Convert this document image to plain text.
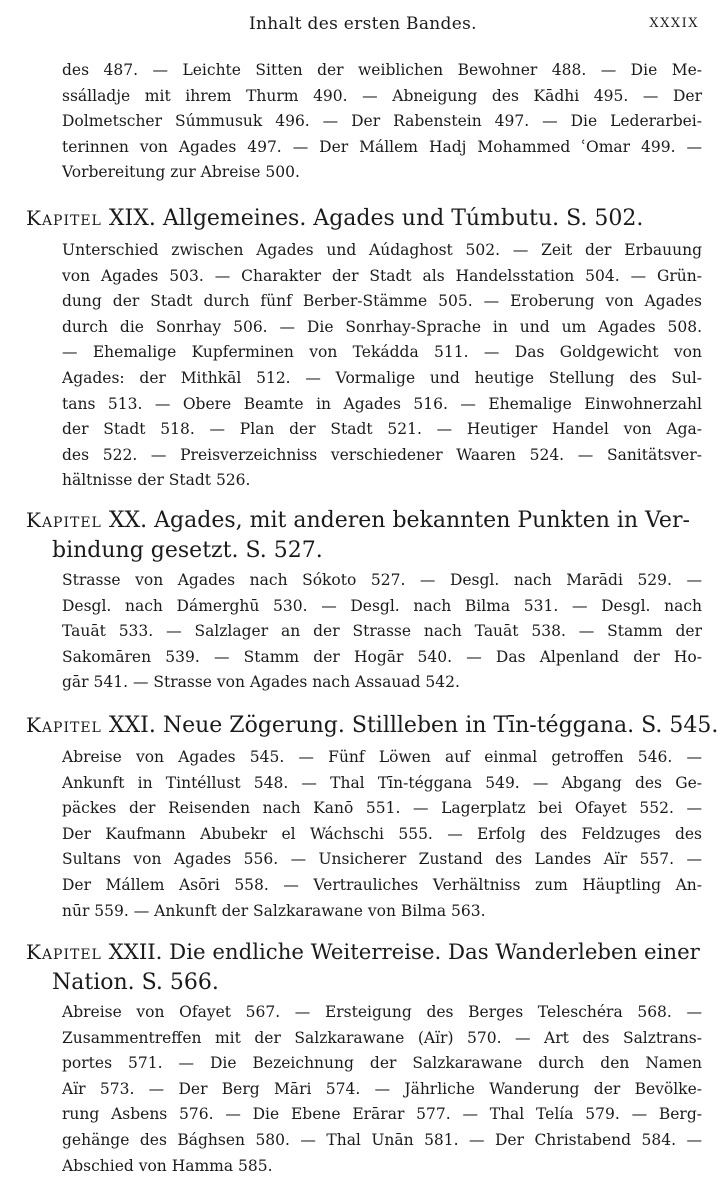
Inhalt des ersten Bandes.	XXXIX
des 487. — Leichte Sitten der weiblichen Bewohner 488. — Die Me-
ssálladje mit ihrem Thurm 490. — Abneigung des Kādhi 495. — Der
Dolmetscher Súmmusuk 496. — Der Rabenstein 497. — Die Lederarbei-
terinnen von Agades 497. — Der Mállem Hadj Mohammed ʿOmar 499. —
Vorbereitung zur Abreise 500.
Kapitel XIX. Allgemeines. Agades und Túmbutu. S. 502.
Unterschied zwischen Agades und Aúdaghost 502. — Zeit der Erbauung
von Agades 503. — Charakter der Stadt als Handelsstation 504. — Grün-
dung der Stadt durch fünf Berber-Stämme 505. — Eroberung von Agades
durch die Sonrhay 506. — Die Sonrhay-Sprache in und um Agades 508.
— Ehemalige Kupferminen von Tekádda 511. — Das Goldgewicht von
Agades: der Mithkāl 512. — Vormalige und heutige Stellung des Sul-
tans 513. — Obere Beamte in Agades 516. — Ehemalige Einwohnerzahl
der Stadt 518. — Plan der Stadt 521. — Heutiger Handel von Aga-
des 522. — Preisverzeichniss verschiedener Waaren 524. — Sanitätsver-
hältnisse der Stadt 526.
Kapitel XX. Agades, mit anderen bekannten Punkten in Ver-
bindung gesetzt. S. 527.
Strasse von Agades nach Sókoto 527. — Desgl. nach Marādi 529. —
Desgl. nach Dámerghū 530. — Desgl. nach Bilma 531. — Desgl. nach
Tauāt 533. — Salzlager an der Strasse nach Tauāt 538. — Stamm der
Sakomāren 539. — Stamm der Hogār 540. — Das Alpenland der Ho-
gār 541. — Strasse von Agades nach Assauad 542.
Kapitel XXI. Neue Zögerung. Stillleben in Tīn-téggana. S. 545.
Abreise von Agades 545. — Fünf Löwen auf einmal getroffen 546. —
Ankunft in Tintéllust 548. — Thal Tīn-téggana 549. — Abgang des Ge-
päckes der Reisenden nach Kanō 551. — Lagerplatz bei Ofayet 552. —
Der Kaufmann Abubekr el Wáchschi 555. — Erfolg des Feldzuges des
Sultans von Agades 556. — Unsicherer Zustand des Landes Aïr 557. —
Der Mállem Asōri 558. — Vertrauliches Verhältniss zum Häuptling An-
nūr 559. — Ankunft der Salzkarawane von Bilma 563.
Kapitel XXII. Die endliche Weiterreise. Das Wanderleben einer
Nation. S. 566.
Abreise von Ofayet 567. — Ersteigung des Berges Teleschéra 568. —
Zusammentreffen mit der Salzkarawane (Aïr) 570. — Art des Salztrans-
portes 571. — Die Bezeichnung der Salzkarawane durch den Namen
Aïr 573. — Der Berg Māri 574. — Jährliche Wanderung der Bevölke-
rung Asbens 576. — Die Ebene Erārar 577. — Thal Telía 579. — Berg-
gehänge des Bághsen 580. — Thal Unān 581. — Der Christabend 584. —
Abschied von Hamma 585.
